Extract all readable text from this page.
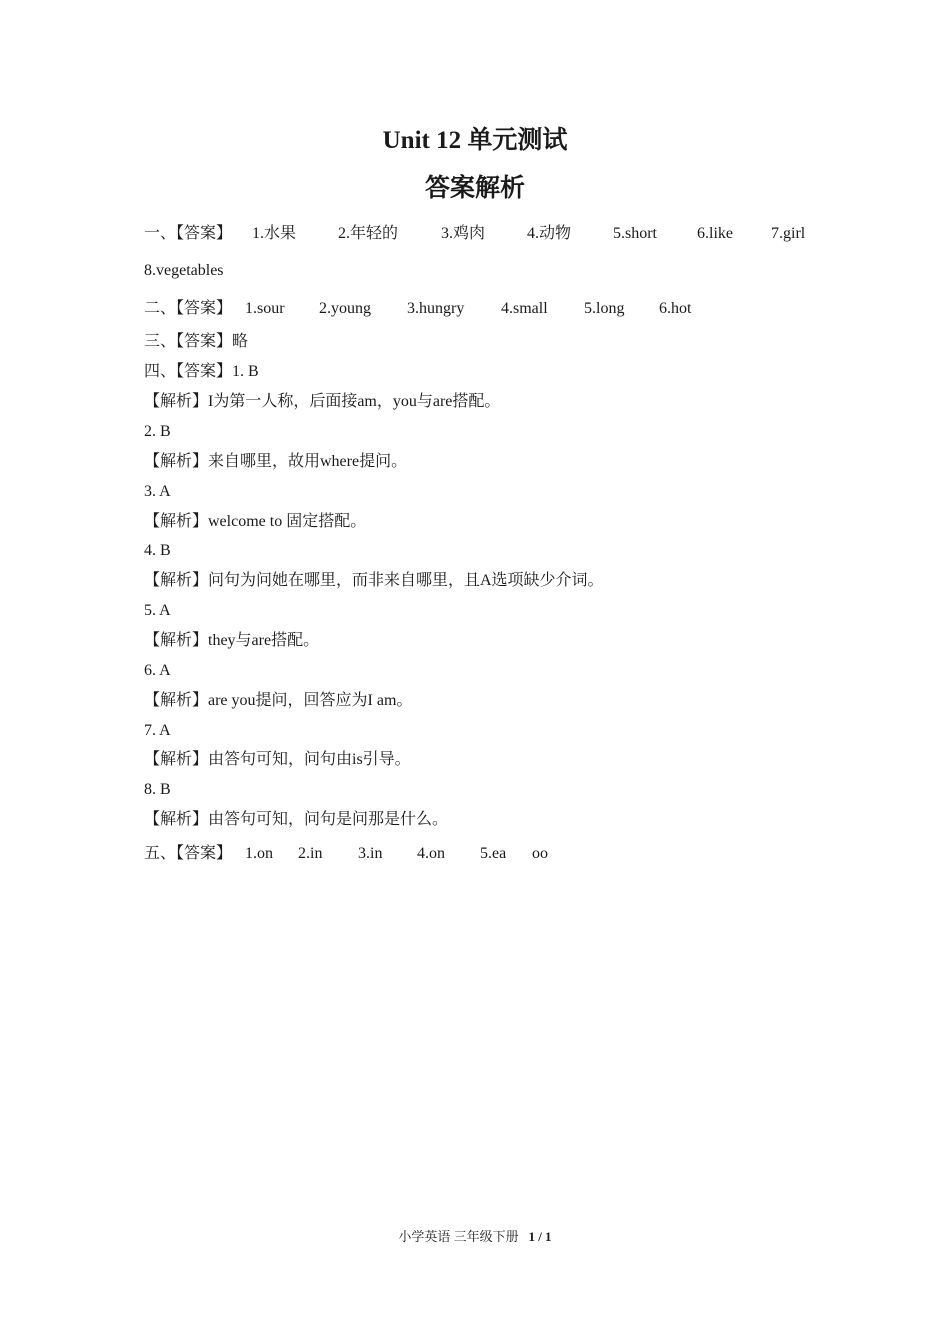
Unit 12 单元测试
答案解析
一、【答案】 1.水果	2.年轻的	3.鸡肉	4.动物	5.short	6.like 7.girl
8.vegetables
二、【答案】 1.sour 2.young 3.hungry 4.small 5.long 6.hot
三、【答案】略
四、【答案】1. B
【解析】I为第一人称，后面接am，you与are搭配。
2. B
【解析】来自哪里，故用where提问。
3. A
【解析】welcome to 固定搭配。
4. B
【解析】问句为问她在哪里，而非来自哪里，且A选项缺少介词。
5. A
【解析】they与are搭配。
6. A
【解析】are you提问，回答应为I am。
7. A
【解析】由答句可知，问句由is引导。
8. B
【解析】由答句可知，问句是问那是什么。
五、【答案】 1.on 2.in 3.in 4.on 5.ea oo
小学英语 三年级下册 1 / 1
